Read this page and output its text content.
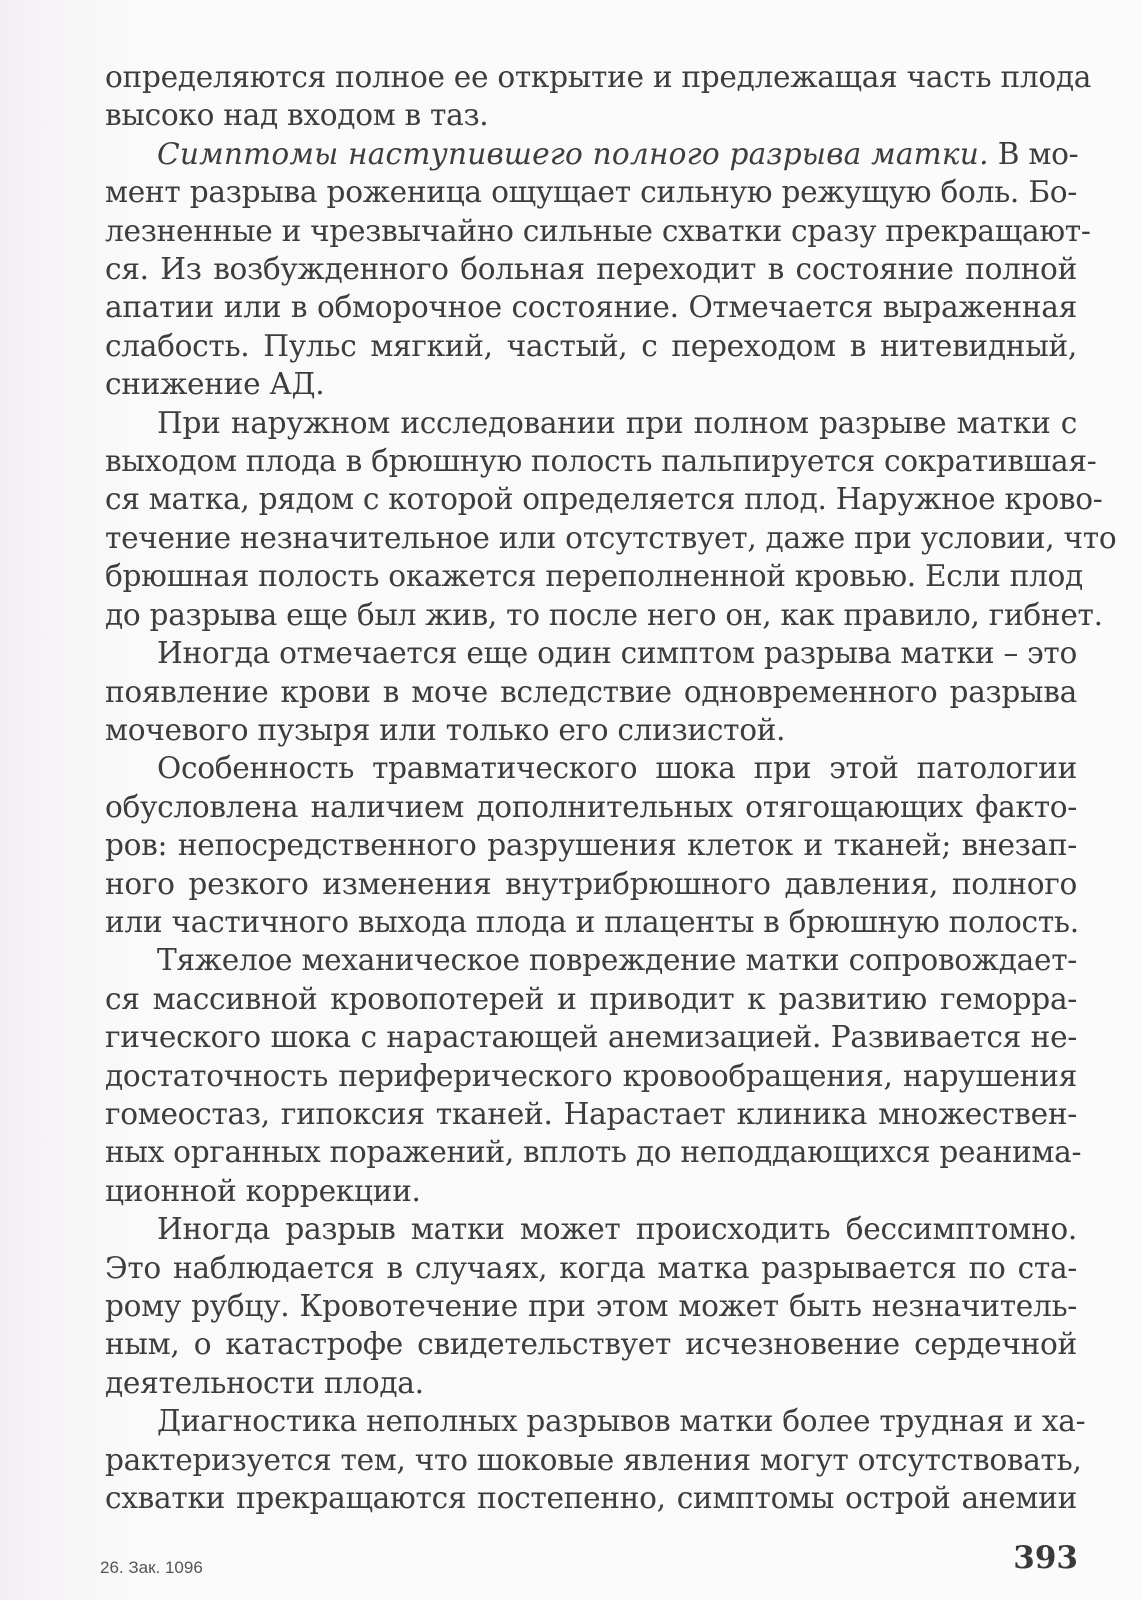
определяются полное ее открытие и предлежащая часть плода
высоко над входом в таз.
Симптомы наступившего полного разрыва матки. В мо-
мент разрыва роженица ощущает сильную режущую боль. Бо-
лезненные и чрезвычайно сильные схватки сразу прекращают-
ся. Из возбужденного больная переходит в состояние полной
апатии или в обморочное состояние. Отмечается выраженная
слабость. Пульс мягкий, частый, с переходом в нитевидный,
снижение АД.
При наружном исследовании при полном разрыве матки с
выходом плода в брюшную полость пальпируется сократившая-
ся матка, рядом с которой определяется плод. Наружное крово-
течение незначительное или отсутствует, даже при условии, что
брюшная полость окажется переполненной кровью. Если плод
до разрыва еще был жив, то после него он, как правило, гибнет.
Иногда отмечается еще один симптом разрыва матки – это
появление крови в моче вследствие одновременного разрыва
мочевого пузыря или только его слизистой.
Особенность травматического шока при этой патологии
обусловлена наличием дополнительных отягощающих факто-
ров: непосредственного разрушения клеток и тканей; внезап-
ного резкого изменения внутрибрюшного давления, полного
или частичного выхода плода и плаценты в брюшную полость.
Тяжелое механическое повреждение матки сопровождает-
ся массивной кровопотерей и приводит к развитию геморра-
гического шока с нарастающей анемизацией. Развивается не-
достаточность периферического кровообращения, нарушения
гомеостаз, гипоксия тканей. Нарастает клиника множествен-
ных органных поражений, вплоть до неподдающихся реанима-
ционной коррекции.
Иногда разрыв матки может происходить бессимптомно.
Это наблюдается в случаях, когда матка разрывается по ста-
рому рубцу. Кровотечение при этом может быть незначитель-
ным, о катастрофе свидетельствует исчезновение сердечной
деятельности плода.
Диагностика неполных разрывов матки более трудная и ха-
рактеризуется тем, что шоковые явления могут отсутствовать,
схватки прекращаются постепенно, симптомы острой анемии
26. Зак. 1096	393
